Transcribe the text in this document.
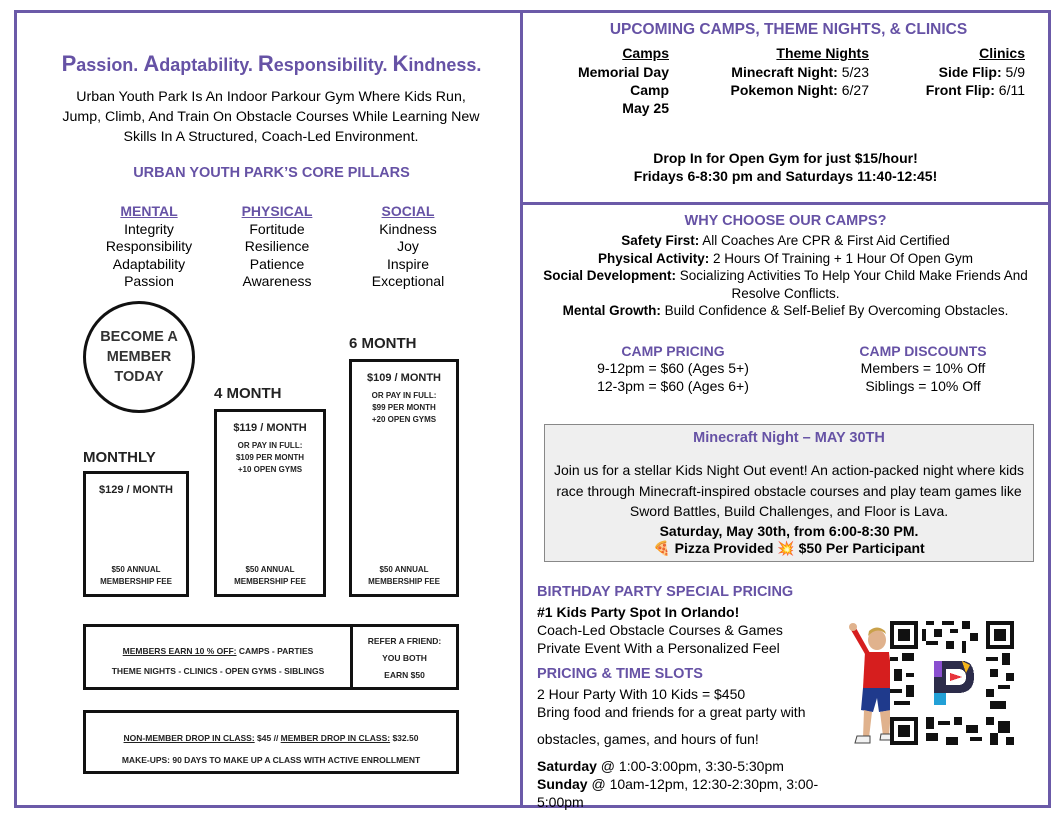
Passion. Adaptability. Responsibility. Kindness.
Urban Youth Park Is An Indoor Parkour Gym Where Kids Run, Jump, Climb, And Train On Obstacle Courses While Learning New Skills In A Structured, Coach-Led Environment.
URBAN YOUTH PARK’S CORE PILLARS
MENTAL
Integrity
Responsibility
Adaptability
Passion
PHYSICAL
Fortitude
Resilience
Patience
Awareness
SOCIAL
Kindness
Joy
Inspire
Exceptional
BECOME A
MEMBER
TODAY
MONTHLY
$129 / MONTH
$50 ANNUAL
MEMBERSHIP FEE
4 MONTH
$119 / MONTH
OR PAY IN FULL:
$109 PER MONTH
+10 OPEN GYMS
$50 ANNUAL
MEMBERSHIP FEE
6 MONTH
$109 / MONTH
OR PAY IN FULL:
$99 PER MONTH
+20 OPEN GYMS
$50 ANNUAL
MEMBERSHIP FEE
MEMBERS EARN 10 % OFF: CAMPS - PARTIES
THEME NIGHTS - CLINICS - OPEN GYMS - SIBLINGS
REFER A FRIEND:
YOU BOTH
EARN $50
NON-MEMBER DROP IN CLASS: $45 // MEMBER DROP IN CLASS: $32.50
MAKE-UPS: 90 DAYS TO MAKE UP A CLASS WITH ACTIVE ENROLLMENT
UPCOMING CAMPS, THEME NIGHTS, & CLINICS
Camps
Memorial Day
Camp
May 25
Theme Nights
Minecraft Night: 5/23
Pokemon Night: 6/27
Clinics
Side Flip: 5/9
Front Flip: 6/11
Drop In for Open Gym for just $15/hour!
Fridays 6-8:30 pm and Saturdays 11:40-12:45!
WHY CHOOSE OUR CAMPS?
Safety First: All Coaches Are CPR & First Aid Certified
Physical Activity: 2 Hours Of Training + 1 Hour Of Open Gym
Social Development: Socializing Activities To Help Your Child Make Friends And Resolve Conflicts.
Mental Growth: Build Confidence & Self-Belief By Overcoming Obstacles.
CAMP PRICING
9-12pm = $60 (Ages 5+)
12-3pm = $60 (Ages 6+)
CAMP DISCOUNTS
Members = 10% Off
Siblings = 10% Off
Minecraft Night – MAY 30TH
Join us for a stellar Kids Night Out event! An action-packed night where kids race through Minecraft-inspired obstacle courses and play team games like Sword Battles, Build Challenges, and Floor is Lava.
Saturday, May 30th, from 6:00-8:30 PM.
🍕 Pizza Provided 💥 $50 Per Participant
BIRTHDAY PARTY SPECIAL PRICING
#1 Kids Party Spot In Orlando!
Coach-Led Obstacle Courses & Games
Private Event With a Personalized Feel
PRICING & TIME SLOTS
2 Hour Party With 10 Kids = $450
Bring food and friends for a great party with
obstacles, games, and hours of fun!
Saturday @ 1:00-3:00pm, 3:30-5:30pm
Sunday @ 10am-12pm, 12:30-2:30pm, 3:00-5:00pm
